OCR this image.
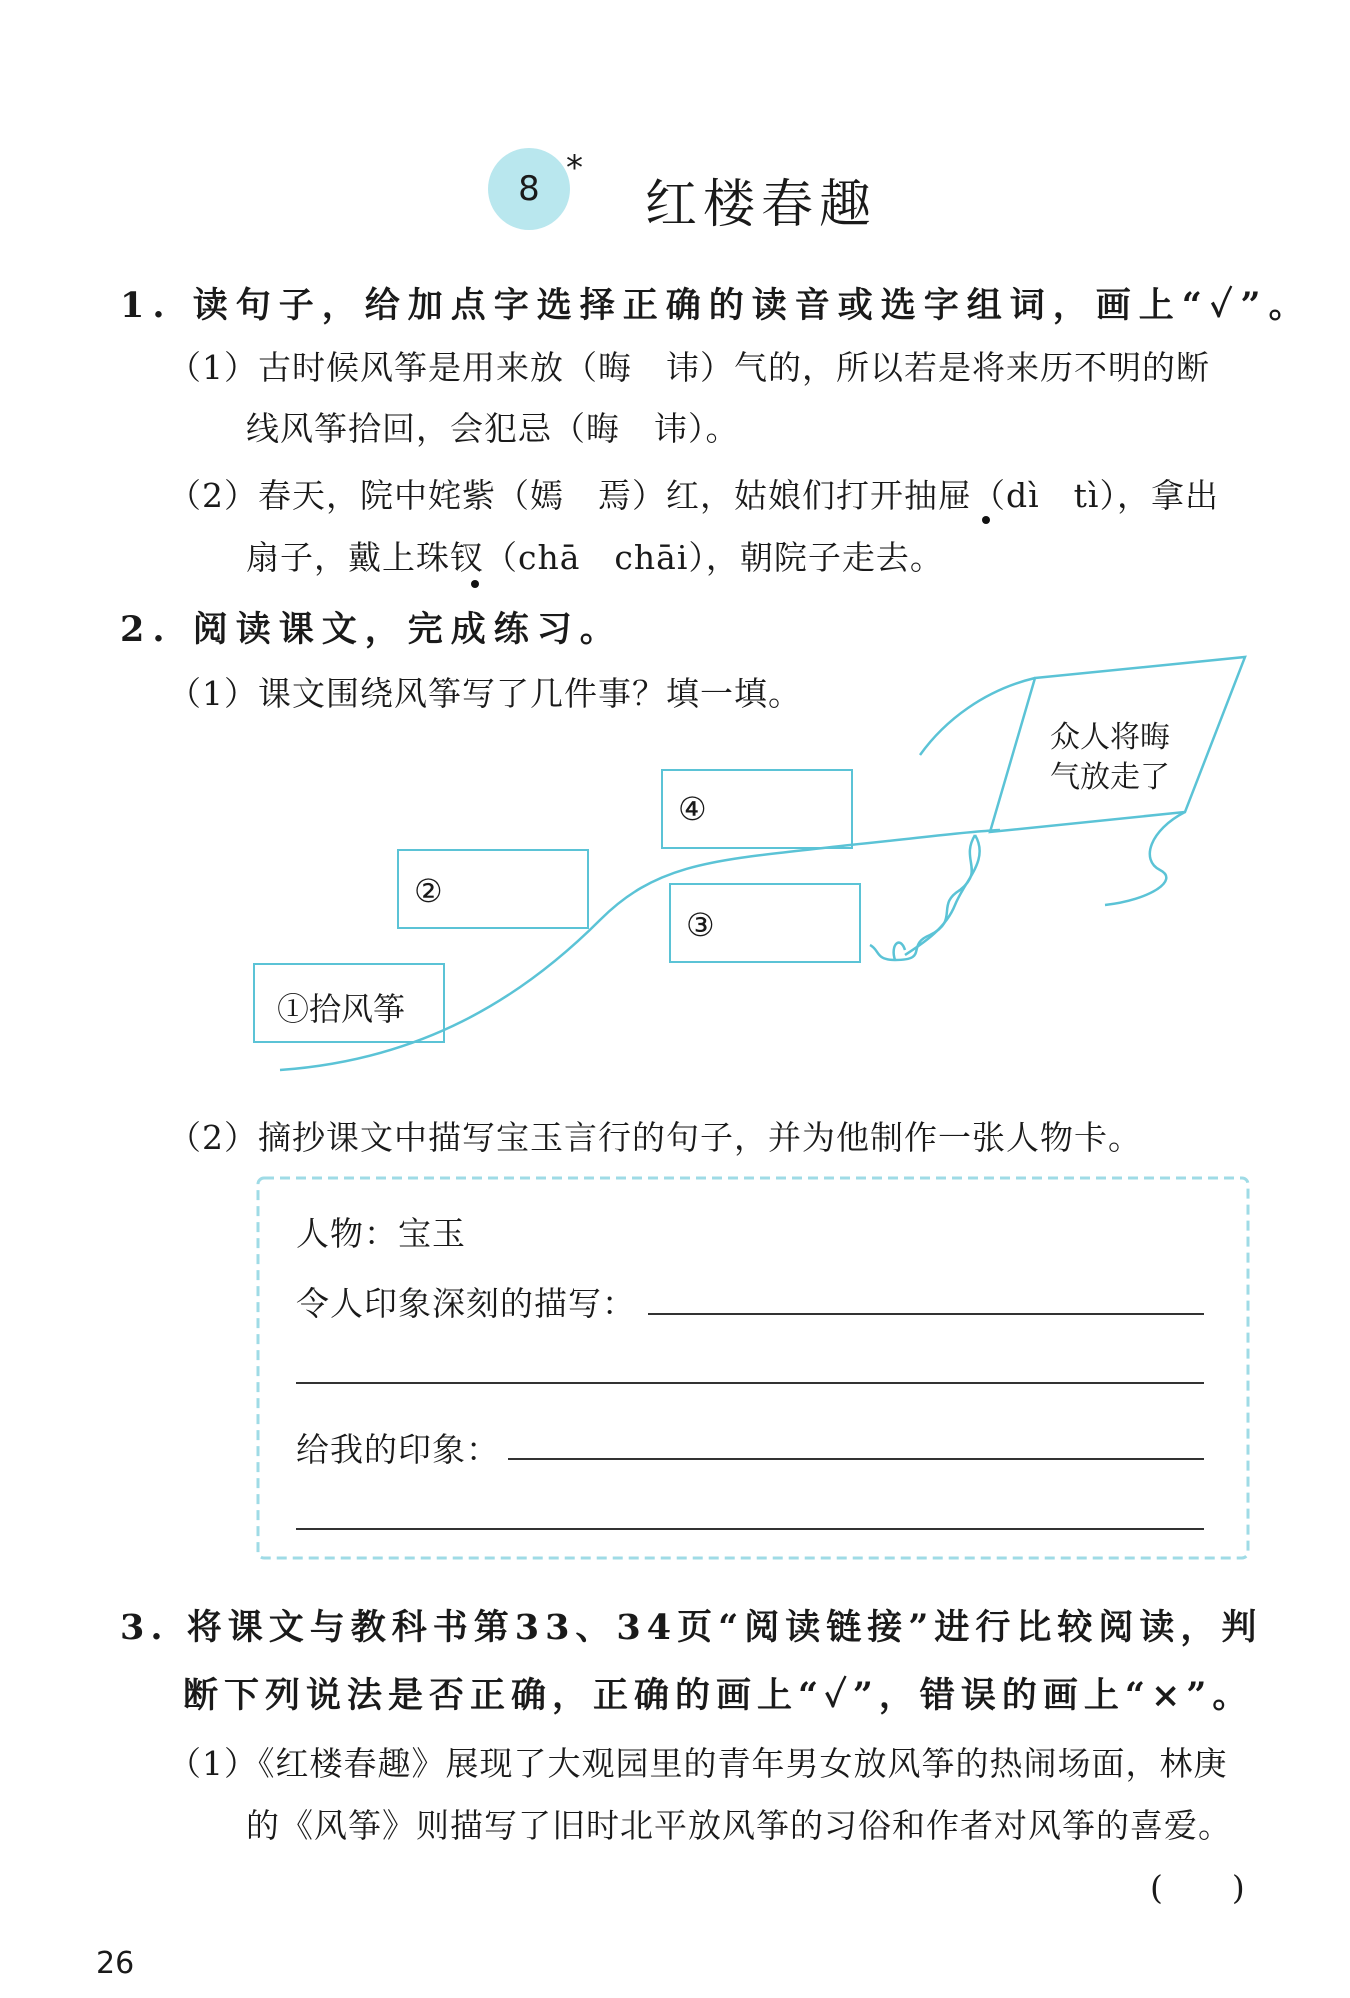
8
*
红楼春趣
1. 读句子，给加点字选择正确的读音或选字组词，画上“✓”。
（1）古时候风筝是用来放（晦　讳）气的，所以若是将来历不明的断
线风筝拾回，会犯忌（晦　讳）。
（2）春天，院中姹紫（嫣　焉）红，姑娘们打开抽屉（dì　tì），拿出
扇子，戴上珠钗（chā　chāi），朝院子走去。
2. 阅读课文，完成练习。
（1）课文围绕风筝写了几件事？填一填。
①拾风筝
②
③
④
众人将晦
气放走了
（2）摘抄课文中描写宝玉言行的句子，并为他制作一张人物卡。
人物：宝玉
令人印象深刻的描写：
给我的印象：
3. 将课文与教科书第33、34页“阅读链接”进行比较阅读，判
断下列说法是否正确，正确的画上“✓”，错误的画上“×”。
（1）《红楼春趣》展现了大观园里的青年男女放风筝的热闹场面，林庚
的《风筝》则描写了旧时北平放风筝的习俗和作者对风筝的喜爱。
(　　)
26
